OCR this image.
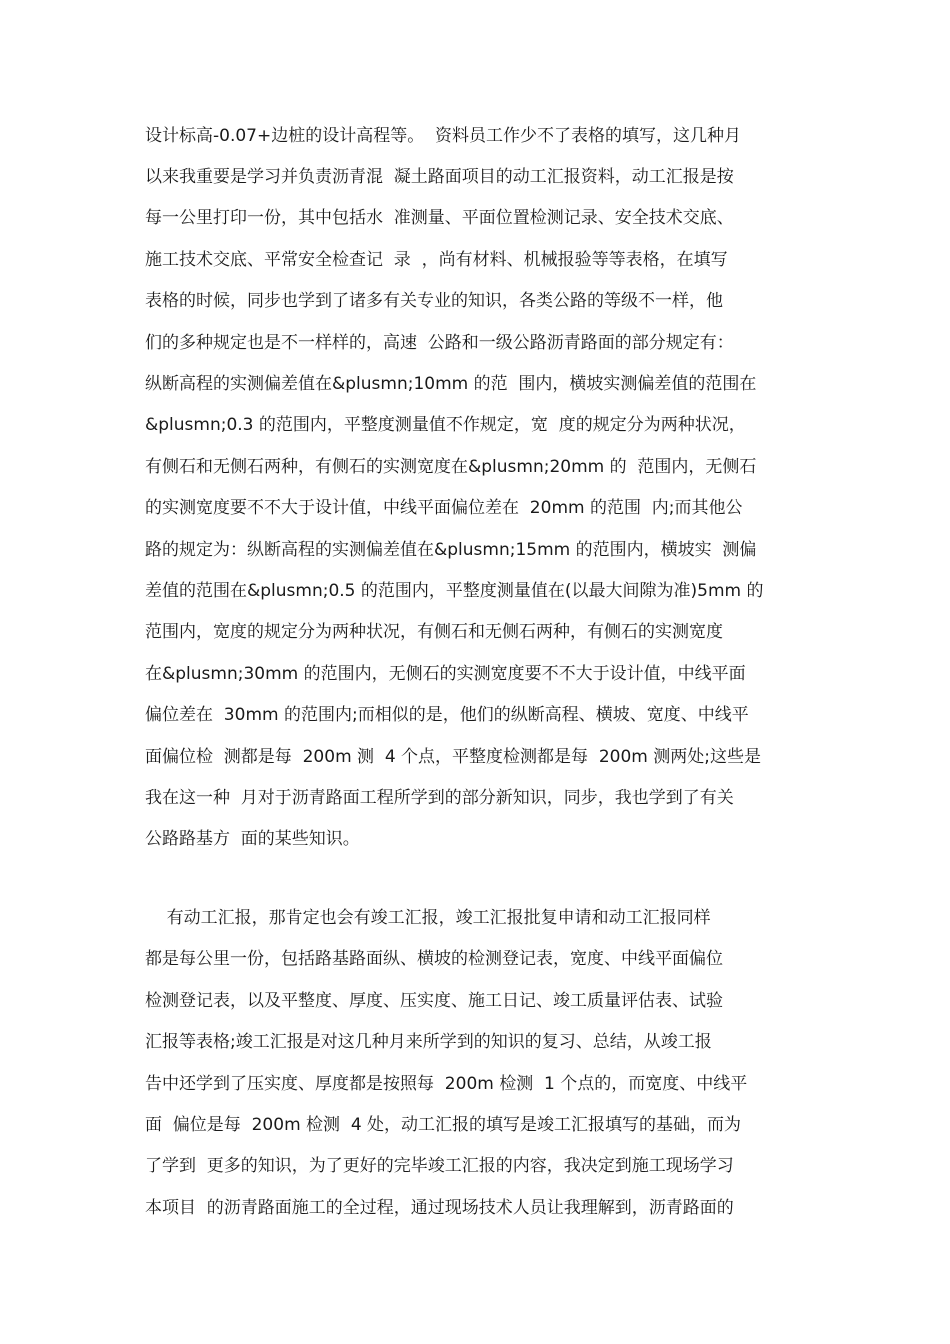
设计标高-0.07+边桩的设计高程等。  资料员工作少不了表格的填写，这几种月
以来我重要是学习并负责沥青混  凝土路面项目的动工汇报资料，动工汇报是按
每一公里打印一份，其中包括水  准测量、平面位置检测记录、安全技术交底、
施工技术交底、平常安全检查记  录  ，尚有材料、机械报验等等表格，在填写
表格的时候，同步也学到了诸多有关专业的知识，各类公路的等级不一样，他
们的多种规定也是不一样样的，高速  公路和一级公路沥青路面的部分规定有：
纵断高程的实测偏差值在&plusmn;10mm 的范  围内，横坡实测偏差值的范围在
&plusmn;0.3 的范围内，平整度测量值不作规定，宽  度的规定分为两种状况，
有侧石和无侧石两种，有侧石的实测宽度在&plusmn;20mm 的  范围内，无侧石
的实测宽度要不不大于设计值，中线平面偏位差在  20mm 的范围  内;而其他公
路的规定为：纵断高程的实测偏差值在&plusmn;15mm 的范围内，横坡实  测偏
差值的范围在&plusmn;0.5 的范围内，平整度测量值在(以最大间隙为准)5mm 的
范围内，宽度的规定分为两种状况，有侧石和无侧石两种，有侧石的实测宽度
在&plusmn;30mm 的范围内，无侧石的实测宽度要不不大于设计值，中线平面
偏位差在  30mm 的范围内;而相似的是，他们的纵断高程、横坡、宽度、中线平
面偏位检  测都是每  200m 测  4 个点，平整度检测都是每  200m 测两处;这些是
我在这一种  月对于沥青路面工程所学到的部分新知识，同步，我也学到了有关
公路路基方  面的某些知识。
有动工汇报，那肯定也会有竣工汇报，竣工汇报批复申请和动工汇报同样
都是每公里一份，包括路基路面纵、横坡的检测登记表，宽度、中线平面偏位
检测登记表，以及平整度、厚度、压实度、施工日记、竣工质量评估表、试验
汇报等表格;竣工汇报是对这几种月来所学到的知识的复习、总结，从竣工报
告中还学到了压实度、厚度都是按照每  200m 检测  1 个点的，而宽度、中线平
面  偏位是每  200m 检测  4 处，动工汇报的填写是竣工汇报填写的基础，而为
了学到  更多的知识，为了更好的完毕竣工汇报的内容，我决定到施工现场学习
本项目  的沥青路面施工的全过程，通过现场技术人员让我理解到，沥青路面的
